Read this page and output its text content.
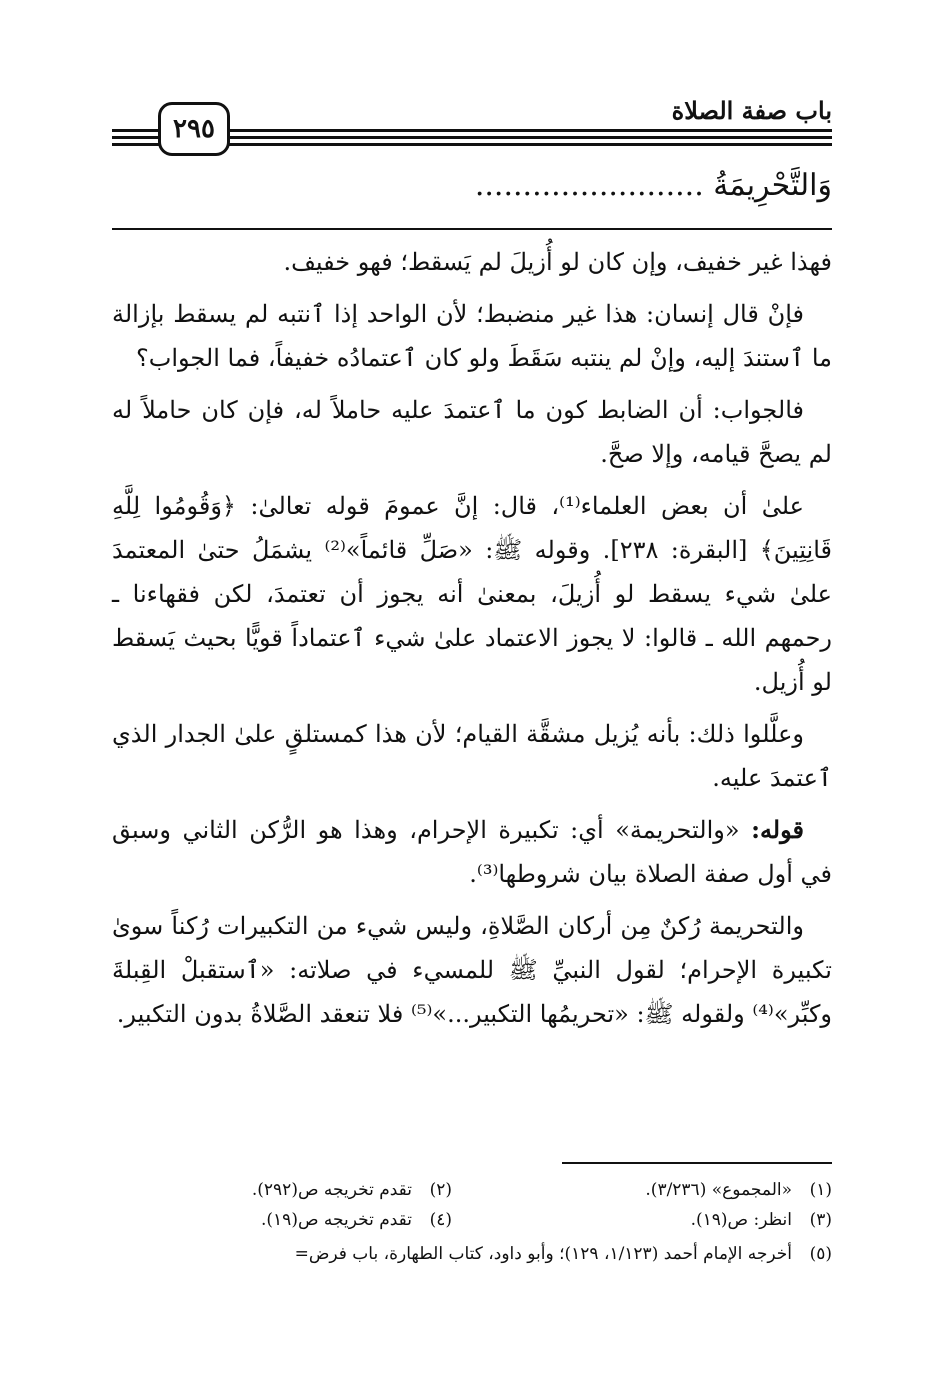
باب صفة الصلاة
٢٩٥
وَالتَّحْرِيمَةُ ........................

فهذا غير خفيف، وإن كان لو أُزيلَ لم يَسقط؛ فهو خفيف.

فإنْ قال إنسان: هذا غير منضبط؛ لأن الواحد إذا ٱنتبه لم يسقط بإزالة ما ٱستندَ إليه، وإنْ لم ينتبه سَقَطَ ولو كان ٱعتمادُه خفيفاً، فما الجواب؟

فالجواب: أن الضابط كون ما ٱعتمدَ عليه حاملاً له، فإن كان حاملاً له لم يصحَّ قيامه، وإلا صحَّ.

علىٰ أن بعض العلماء⁽¹⁾، قال: إنَّ عمومَ قوله تعالىٰ: ﴿وَقُومُوا لِلَّهِ قَانِتِينَ﴾ [البقرة: ٢٣٨]. وقوله ﷺ: «صَلِّ قائماً»⁽²⁾ يشمَلُ حتىٰ المعتمدَ علىٰ شيء يسقط لو أُزيلَ، بمعنىٰ أنه يجوز أن تعتمدَ، لكن فقهاءنا ـ رحمهم الله ـ قالوا: لا يجوز الاعتماد علىٰ شيء ٱعتماداً قويًّا بحيث يَسقط لو أُزيل.

وعلَّلوا ذلك: بأنه يُزيل مشقَّة القيام؛ لأن هذا كمستلقٍ علىٰ الجدار الذي ٱعتمدَ عليه.

قوله: «والتحريمة» أي: تكبيرة الإحرام، وهذا هو الرُّكن الثاني وسبق في أول صفة الصلاة بيان شروطها⁽³⁾.

والتحريمة رُكنٌ مِن أركان الصَّلاةِ، وليس شيء من التكبيرات رُكناً سوىٰ تكبيرة الإحرام؛ لقول النبيِّ ﷺ للمسيء في صلاته: «ٱستقبلْ القِبلةَ وكبِّر»⁽⁴⁾ ولقوله ﷺ: «تحريمُها التكبير...»⁽⁵⁾ فلا تنعقد الصَّلاةُ بدون التكبير.

(١)«المجموع» (٣/٢٣٦).(٢)تقدم تخريجه ص(٢٩٢).
(٣)انظر: ص(١٩).(٤)تقدم تخريجه ص(١٩).
(٥)أخرجه الإمام أحمد (١/١٢٣، ١٢٩)؛ وأبو داود، كتاب الطهارة، باب فرض=
